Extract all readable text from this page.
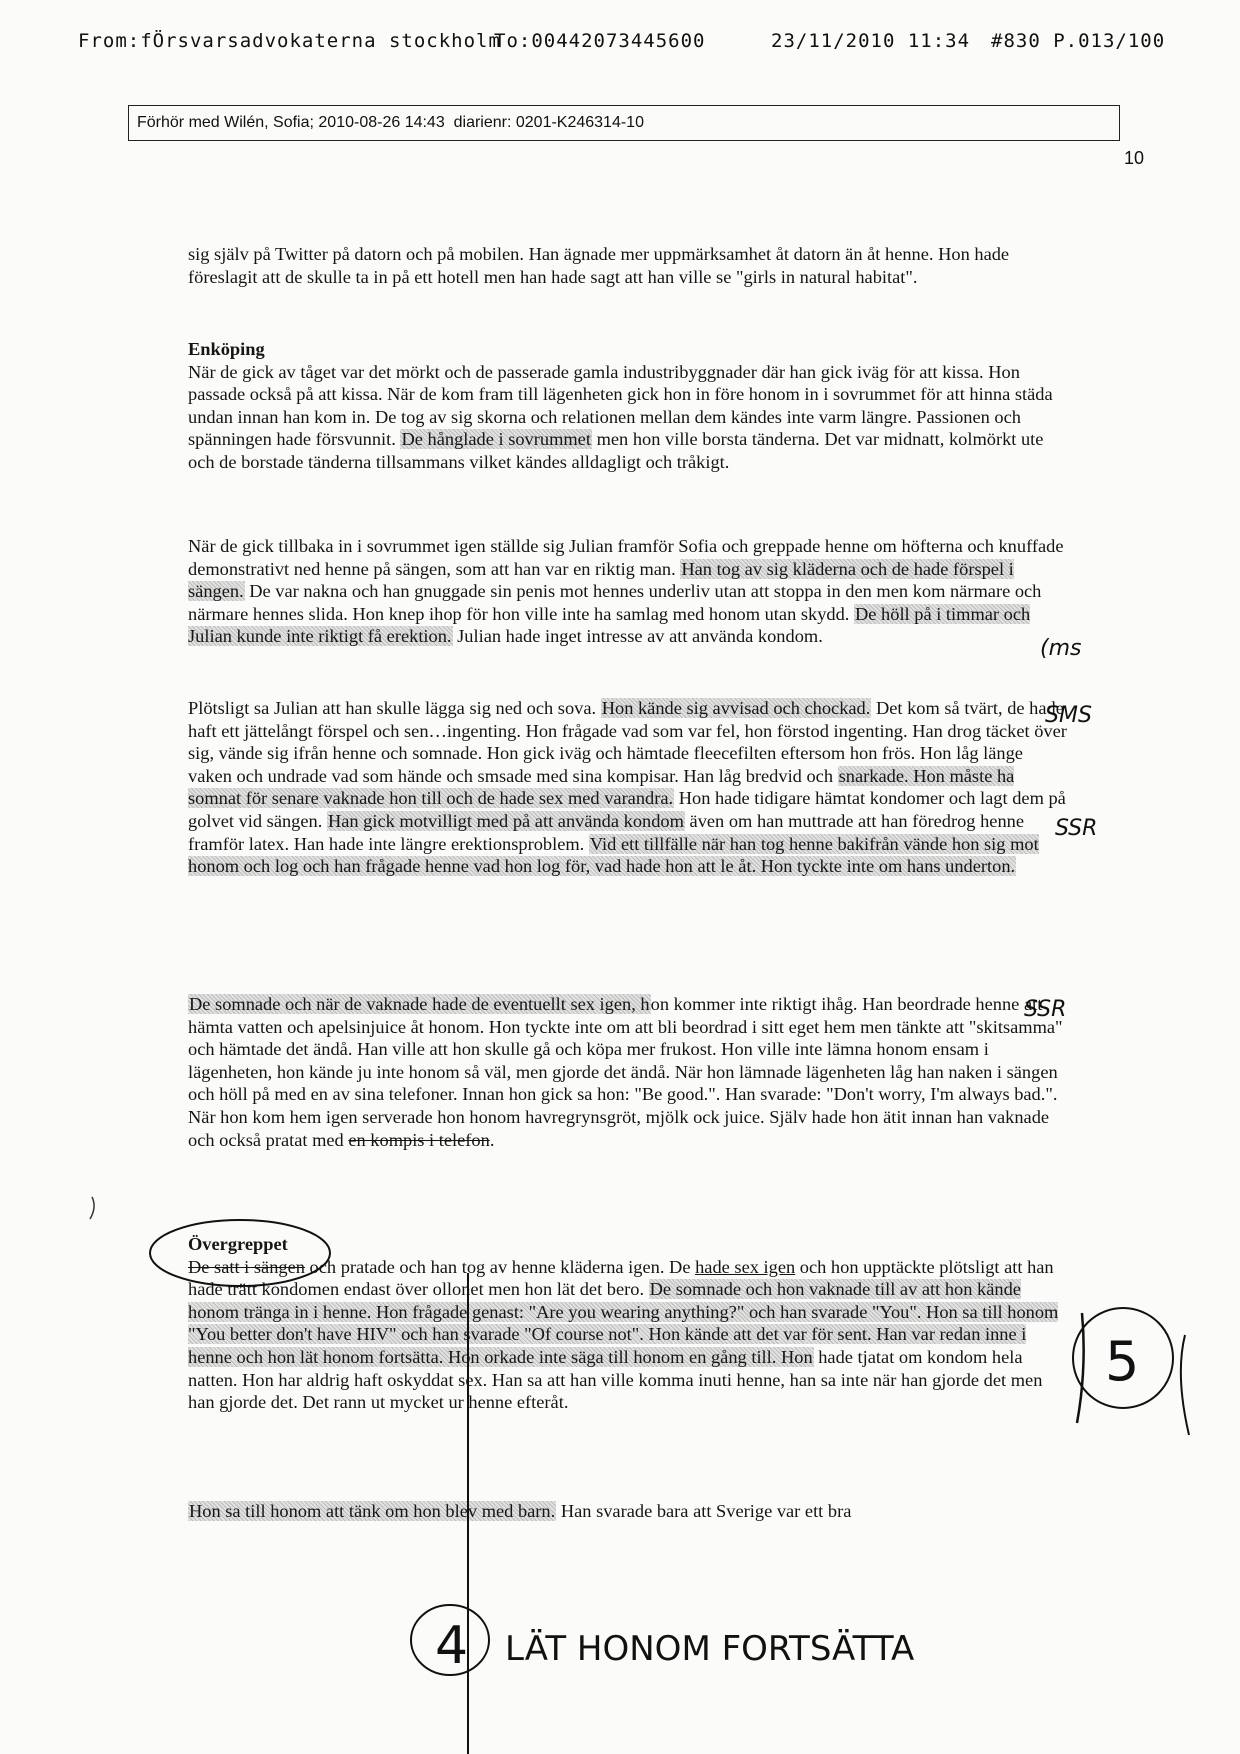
From:fÖrsvarsadvokaterna stockholm
To:00442073445600	23/11/2010 11:34 #830 P.013/100
Förhör med Wilén, Sofia; 2010-08-26 14:43  diarienr: 0201-K246314-10
10

sig själv på Twitter på datorn och på mobilen. Han ägnade mer uppmärksamhet åt datorn än åt henne. Hon hade föreslagit att de skulle ta in på ett hotell men han hade sagt att han ville se "girls in natural habitat".

Enköping

När de gick av tåget var det mörkt och de passerade gamla industribyggnader där han gick iväg för att kissa. Hon passade också på att kissa. När de kom fram till lägenheten gick hon in före honom in i sovrummet för att hinna städa undan innan han kom in. De tog av sig skorna och relationen mellan dem kändes inte varm längre. Passionen och spänningen hade försvunnit. De hånglade i sovrummet men hon ville borsta tänderna. Det var midnatt, kolmörkt ute och de borstade tänderna tillsammans vilket kändes alldagligt och tråkigt.

När de gick tillbaka in i sovrummet igen ställde sig Julian framför Sofia och greppade henne om höfterna och knuffade demonstrativt ned henne på sängen, som att han var en riktig man. Han tog av sig kläderna och de hade förspel i sängen. De var nakna och han gnuggade sin penis mot hennes underliv utan att stoppa in den men kom närmare och närmare hennes slida. Hon knep ihop för hon ville inte ha samlag med honom utan skydd. De höll på i timmar och Julian kunde inte riktigt få erektion. Julian hade inget intresse av att använda kondom.

Plötsligt sa Julian att han skulle lägga sig ned och sova. Hon kände sig avvisad och chockad. Det kom så tvärt, de hade haft ett jättelångt förspel och sen…ingenting. Hon frågade vad som var fel, hon förstod ingenting. Han drog täcket över sig, vände sig ifrån henne och somnade. Hon gick iväg och hämtade fleecefilten eftersom hon frös. Hon låg länge vaken och undrade vad som hände och smsade med sina kompisar. Han låg bredvid och snarkade. Hon måste ha somnat för senare vaknade hon till och de hade sex med varandra. Hon hade tidigare hämtat kondomer och lagt dem på golvet vid sängen. Han gick motvilligt med på att använda kondom även om han muttrade att han föredrog henne framför latex. Han hade inte längre erektionsproblem. Vid ett tillfälle när han tog henne bakifrån vände hon sig mot honom och log och han frågade henne vad hon log för, vad hade hon att le åt. Hon tyckte inte om hans underton.

De somnade och när de vaknade hade de eventuellt sex igen, hon kommer inte riktigt ihåg. Han beordrade henne att hämta vatten och apelsinjuice åt honom. Hon tyckte inte om att bli beordrad i sitt eget hem men tänkte att "skitsamma" och hämtade det ändå. Han ville att hon skulle gå och köpa mer frukost. Hon ville inte lämna honom ensam i lägenheten, hon kände ju inte honom så väl, men gjorde det ändå. När hon lämnade lägenheten låg han naken i sängen och höll på med en av sina telefoner. Innan hon gick sa hon: "Be good.". Han svarade: "Don't worry, I'm always bad.". När hon kom hem igen serverade hon honom havregrynsgröt, mjölk ock juice. Själv hade hon ätit innan han vaknade och också pratat med en kompis i telefon.

Övergreppet

De satt i sängen och pratade och han tog av henne kläderna igen. De hade sex igen och hon upptäckte plötsligt att han hade trätt kondomen endast över ollonet men hon lät det bero. De somnade och hon vaknade till av att hon kände honom tränga in i henne. Hon frågade genast: "Are you wearing anything?" och han svarade "You". Hon sa till honom "You better don't have HIV" och han svarade "Of course not". Hon kände att det var för sent. Han var redan inne i henne och hon lät honom fortsätta. Hon orkade inte säga till honom en gång till. Hon hade tjatat om kondom hela natten. Hon har aldrig haft oskyddat sex. Han sa att han ville komma inuti henne, han sa inte när han gjorde det men han gjorde det. Det rann ut mycket ur henne efteråt.

Hon sa till honom att tänk om hon blev med barn. Han svarade bara att Sverige var ett bra

(ms
SMS
SSR
SSR
5
4 LÄT HONOM FORTSÄTTA
